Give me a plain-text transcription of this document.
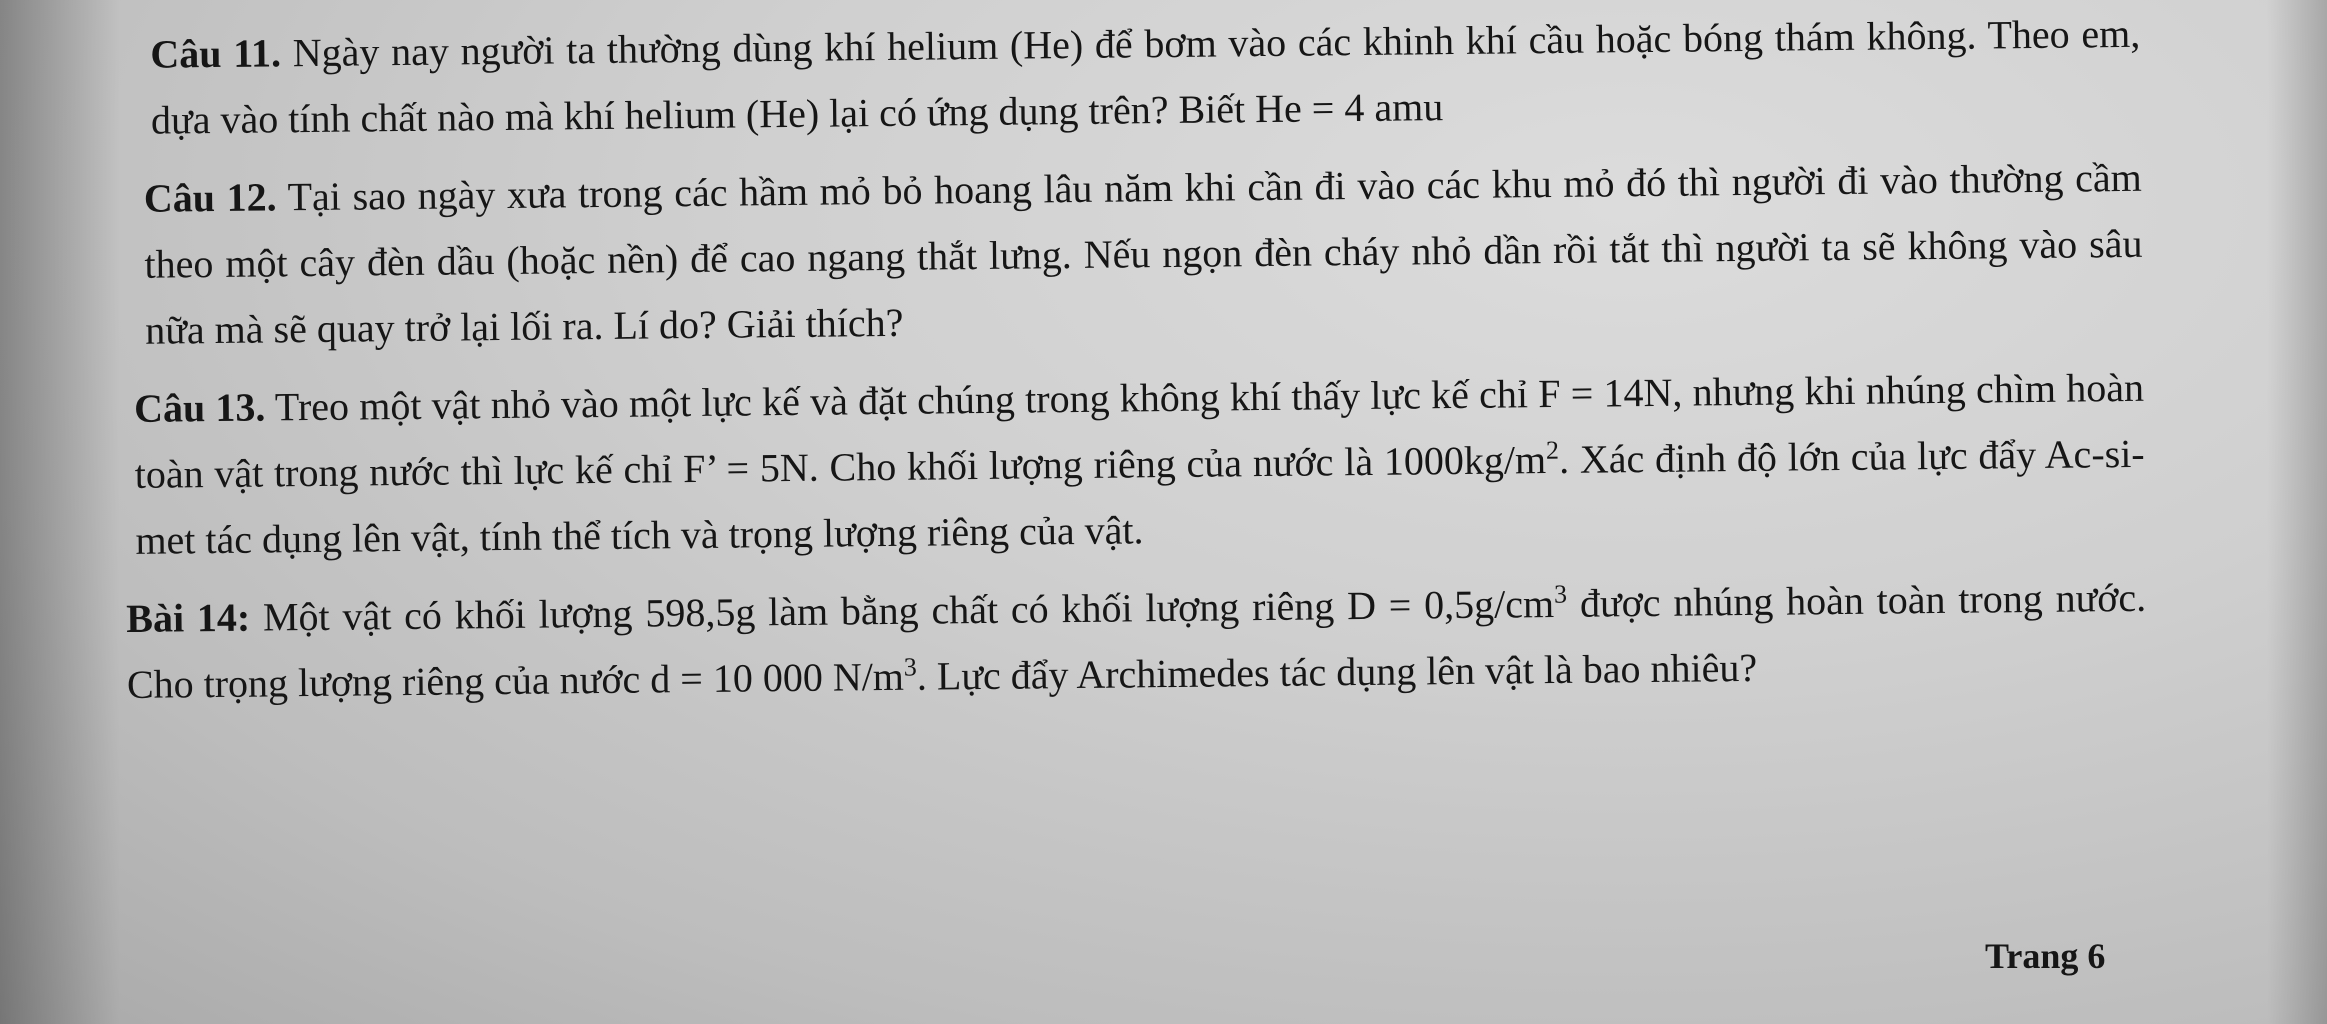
Câu 11. Ngày nay người ta thường dùng khí helium (He) để bơm vào các khinh khí cầu hoặc bóng thám không. Theo em, dựa vào tính chất nào mà khí helium (He) lại có ứng dụng trên? Biết He = 4 amu

Câu 12. Tại sao ngày xưa trong các hầm mỏ bỏ hoang lâu năm khi cần đi vào các khu mỏ đó thì người đi vào thường cầm theo một cây đèn dầu (hoặc nền) để cao ngang thắt lưng. Nếu ngọn đèn cháy nhỏ dần rồi tắt thì người ta sẽ không vào sâu nữa mà sẽ quay trở lại lối ra. Lí do? Giải thích?

Câu 13. Treo một vật nhỏ vào một lực kế và đặt chúng trong không khí thấy lực kế chỉ F = 14N, nhưng khi nhúng chìm hoàn toàn vật trong nước thì lực kế chỉ F’ = 5N. Cho khối lượng riêng của nước là $1000kg/m^2$. Xác định độ lớn của lực đẩy Ac-si-met tác dụng lên vật, tính thể tích và trọng lượng riêng của vật.

Bài 14: Một vật có khối lượng 598,5g làm bằng chất có khối lượng riêng $D = 0,5g/cm^3$ được nhúng hoàn toàn trong nước. Cho trọng lượng riêng của nước d = 10 000 $N/m^3$. Lực đẩy Archimedes tác dụng lên vật là bao nhiêu?

Trang 6
